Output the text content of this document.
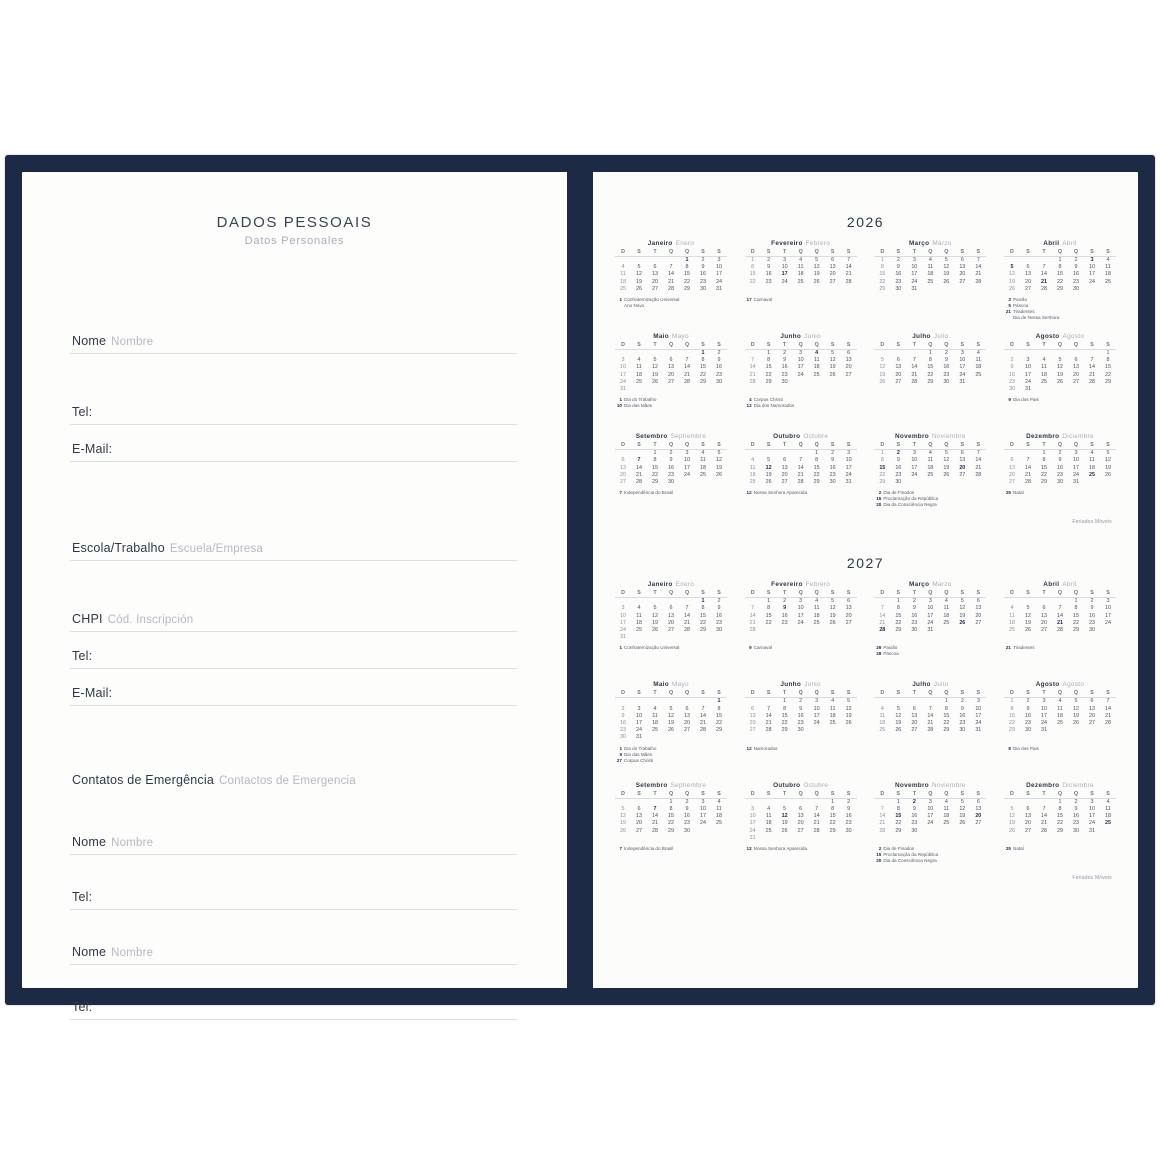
DADOS PESSOAIS
Datos Personales
Nome Nombre
Tel:
E-Mail:
Escola/Trabalho Escuela/Empresa
CHPI Cód. Inscripción
Tel:
E-Mail:
Contatos de Emergência Contactos de Emergencia
Nome Nombre
Tel:
Nome Nombre
Tel:
2026
Janeiro Enero
D	S	T	Q	Q	S	S
				1	2	3
4	5	6	7	8	9	10
11	12	13	14	15	16	17
18	19	20	21	22	23	24
25	26	27	28	29	30	31

Fevereiro Febrero
D	S	T	Q	Q	S	S
1	2	3	4	5	6	7
8	9	10	11	12	13	14
15	16	17	18	19	20	21
22	23	24	25	26	27	28

Março Marzo
D	S	T	Q	Q	S	S
1	2	3	4	5	6	7
8	9	10	11	12	13	14
15	16	17	18	19	20	21
22	23	24	25	26	27	28
29	30	31				

Abril Abril
D	S	T	Q	Q	S	S
			1	2	3	4
5	6	7	8	9	10	11
12	13	14	15	16	17	18
19	20	21	22	23	24	25
26	27	28	29	30		

1 Confraternização Universal
Ano Novo
17 Carnaval	3 Paixão
5 Páscoa
21 Tiradentes
Dia de Nossa Senhora
Maio Mayo
D	S	T	Q	Q	S	S
					1	2
3	4	5	6	7	8	9
10	11	12	13	14	15	16
17	18	19	20	21	22	23
24	25	26	27	28	29	30
31						
Junho Junio
D	S	T	Q	Q	S	S
	1	2	3	4	5	6
7	8	9	10	11	12	13
14	15	16	17	18	19	20
21	22	23	24	25	26	27
28	29	30				

Julho Julio
D	S	T	Q	Q	S	S
			1	2	3	4
5	6	7	8	9	10	11
12	13	14	15	16	17	18
19	20	21	22	23	24	25
26	27	28	29	30	31	

Agosto Agosto
D	S	T	Q	Q	S	S
						1
2	3	4	5	6	7	8
9	10	11	12	13	14	15
16	17	18	19	20	21	22
23	24	25	26	27	28	29
30	31					
1 Dia do Trabalho
10 Dia das Mães
4 Corpus Christi
12 Dia dos Namorados
9 Dia dos Pais
Setembro Septiembre
D	S	T	Q	Q	S	S
		1	2	3	4	5
6	7	8	9	10	11	12
13	14	15	16	17	18	19
20	21	22	23	24	25	26
27	28	29	30			

Outubro Octubre
D	S	T	Q	Q	S	S
				1	2	3
4	5	6	7	8	9	10
11	12	13	14	15	16	17
18	19	20	21	22	23	24
25	26	27	28	29	30	31

Novembro Noviembre
D	S	T	Q	Q	S	S
1	2	3	4	5	6	7
8	9	10	11	12	13	14
15	16	17	18	19	20	21
22	23	24	25	26	27	28
29	30					

Dezembro Diciembre
D	S	T	Q	Q	S	S
		1	2	3	4	5
6	7	8	9	10	11	12
13	14	15	16	17	18	19
20	21	22	23	24	25	26
27	28	29	30	31		

7 Independência do Brasil	12 Nossa Senhora Aparecida	2 Dia de Finados
15 Proclamação da República
20 Dia da Consciência Negra
25 Natal
Feriados Móveis
2027
Janeiro Enero
D	S	T	Q	Q	S	S
					1	2
3	4	5	6	7	8	9
10	11	12	13	14	15	16
17	18	19	20	21	22	23
24	25	26	27	28	29	30
31						
Fevereiro Febrero
D	S	T	Q	Q	S	S
	1	2	3	4	5	6
7	8	9	10	11	12	13
14	15	16	17	18	19	20
21	22	23	24	25	26	27
28						

Março Marzo
D	S	T	Q	Q	S	S
	1	2	3	4	5	6
7	8	9	10	11	12	13
14	15	16	17	18	19	20
21	22	23	24	25	26	27
28	29	30	31			

Abril Abril
D	S	T	Q	Q	S	S
				1	2	3
4	5	6	7	8	9	10
11	12	13	14	15	16	17
18	19	20	21	22	23	24
25	26	27	28	29	30	

1 Confraternização Universal	9 Carnaval	26 Paixão
28 Páscoa
21 Tiradentes
Maio Mayo
D	S	T	Q	Q	S	S
						1
2	3	4	5	6	7	8
9	10	11	12	13	14	15
16	17	18	19	20	21	22
23	24	25	26	27	28	29
30	31					
Junho Junio
D	S	T	Q	Q	S	S
		1	2	3	4	5
6	7	8	9	10	11	12
13	14	15	16	17	18	19
20	21	22	23	24	25	26
27	28	29	30			

Julho Julio
D	S	T	Q	Q	S	S
				1	2	3
4	5	6	7	8	9	10
11	12	13	14	15	16	17
18	19	20	21	22	23	24
25	26	27	28	29	30	31

Agosto Agosto
D	S	T	Q	Q	S	S
1	2	3	4	5	6	7
8	9	10	11	12	13	14
15	16	17	18	19	20	21
22	23	24	25	26	27	28
29	30	31				

1 Dia do Trabalho
9 Dia das Mães
27 Corpus Christi
12 Namorados	8 Dia dos Pais
Setembro Septiembre
D	S	T	Q	Q	S	S
			1	2	3	4
5	6	7	8	9	10	11
12	13	14	15	16	17	18
19	20	21	22	23	24	25
26	27	28	29	30		

Outubro Octubre
D	S	T	Q	Q	S	S
					1	2
3	4	5	6	7	8	9
10	11	12	13	14	15	16
17	18	19	20	21	22	23
24	25	26	27	28	29	30
31						
Novembro Noviembre
D	S	T	Q	Q	S	S
	1	2	3	4	5	6
7	8	9	10	11	12	13
14	15	16	17	18	19	20
21	22	23	24	25	26	27
28	29	30				

Dezembro Diciembre
D	S	T	Q	Q	S	S
			1	2	3	4
5	6	7	8	9	10	11
12	13	14	15	16	17	18
19	20	21	22	23	24	25
26	27	28	29	30	31	

7 Independência do Brasil	12 Nossa Senhora Aparecida	2 Dia de Finados
15 Proclamação da República
20 Dia da Consciência Negra
25 Natal
Feriados Móveis
